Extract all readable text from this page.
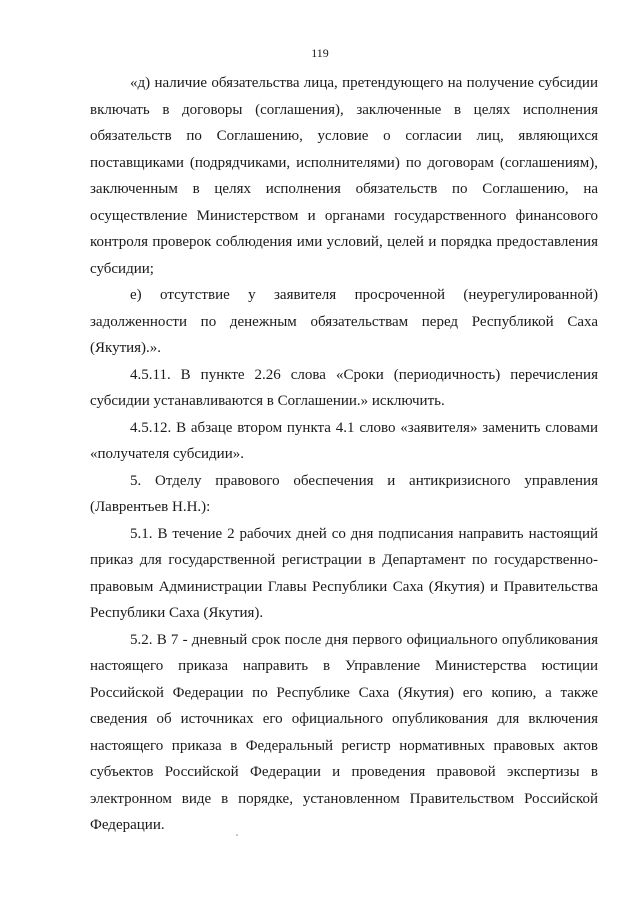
119

«д) наличие обязательства лица, претендующего на получение субсидии включать в договоры (соглашения), заключенные в целях исполнения обязательств по Соглашению, условие о согласии лиц, являющихся поставщиками (подрядчиками, исполнителями) по договорам (соглашениям), заключенным в целях исполнения обязательств по Соглашению, на осуществление Министерством и органами государственного финансового контроля проверок соблюдения ими условий, целей и порядка предоставления субсидии;

е) отсутствие у заявителя просроченной (неурегулированной) задолженности по денежным обязательствам перед Республикой Саха (Якутия).».

4.5.11. В пункте 2.26 слова «Сроки (периодичность) перечисления субсидии устанавливаются в Соглашении.» исключить.

4.5.12. В абзаце втором пункта 4.1 слово «заявителя» заменить словами «получателя субсидии».

5. Отделу правового обеспечения и антикризисного управления (Лаврентьев Н.Н.):

5.1. В течение 2 рабочих дней со дня подписания направить настоящий приказ для государственной регистрации в Департамент по государственно-правовым Администрации Главы Республики Саха (Якутия) и Правительства Республики Саха (Якутия).

5.2. В 7 - дневный срок после дня первого официального опубликования настоящего приказа направить в Управление Министерства юстиции Российской Федерации по Республике Саха (Якутия) его копию, а также сведения об источниках его официального опубликования для включения настоящего приказа в Федеральный регистр нормативных правовых актов субъектов Российской Федерации и проведения правовой экспертизы в электронном виде в порядке, установленном Правительством Российской Федерации.
